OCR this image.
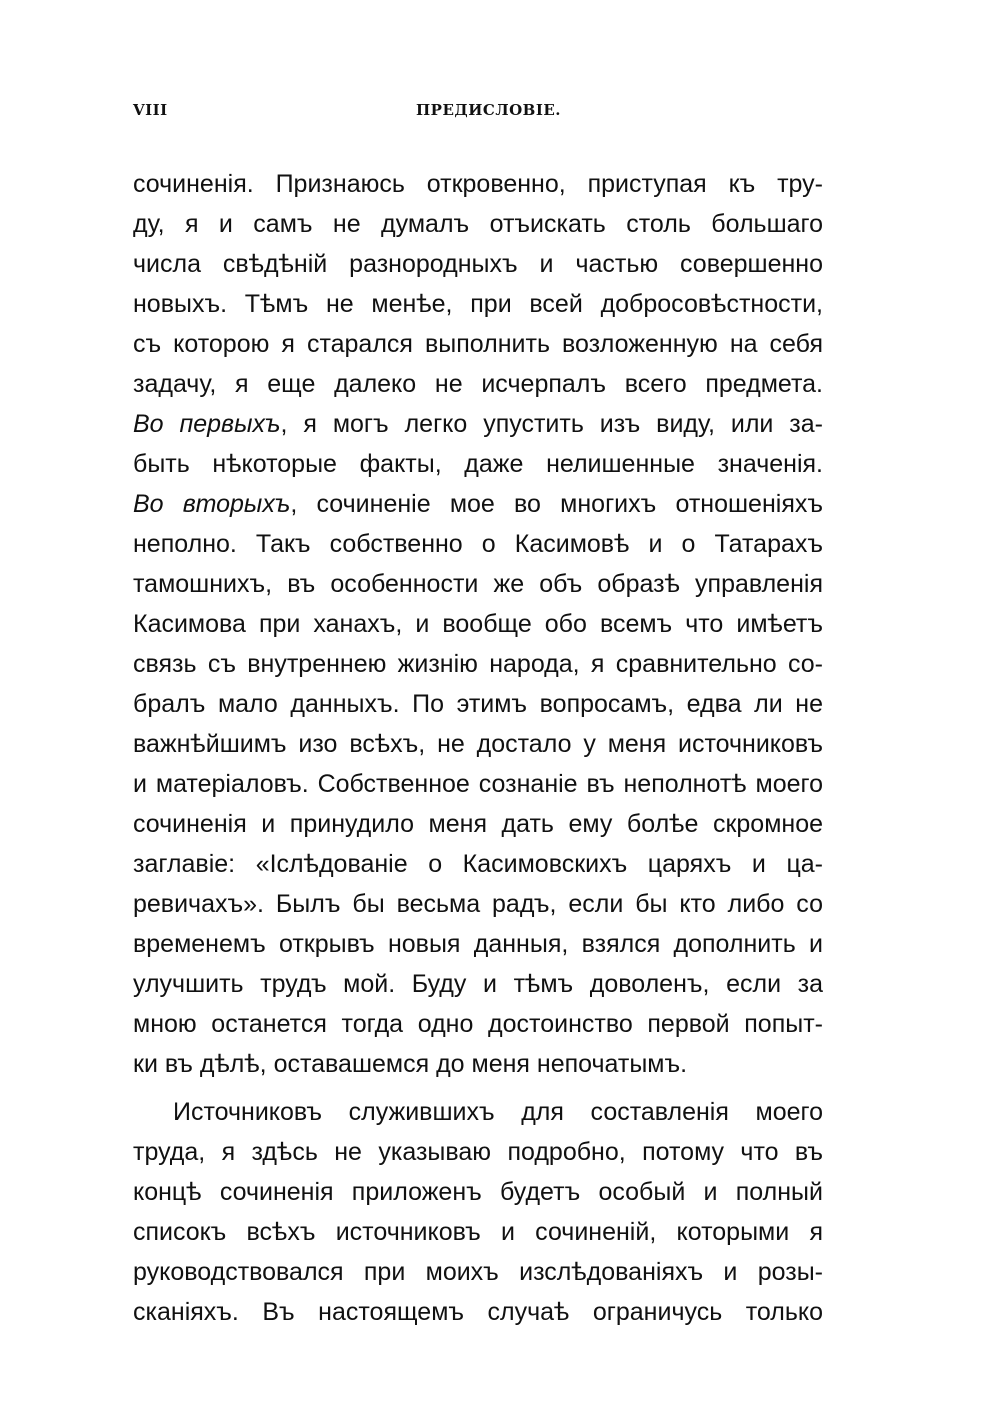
VIII	ПРЕДИСЛОВІЕ.
сочиненія. Признаюсь откровенно, приступая къ тру-
ду, я и самъ не думалъ отъискать столь большаго
числа свѣдѣній разнородныхъ и частью совершенно
новыхъ. Тѣмъ не менѣе, при всей добросовѣстности,
съ которою я старался выполнить возложенную на себя
задачу, я еще далеко не исчерпалъ всего предмета.
Во первыхъ, я могъ легко упустить изъ виду, или за-
быть нѣкоторые факты, даже нелишенные значенія.
Во вторыхъ, сочиненіе мое во многихъ отношеніяхъ
неполно. Такъ собственно о Касимовѣ и о Татарахъ
тамошнихъ, въ особенности же объ образѣ управленія
Касимова при ханахъ, и вообще обо всемъ что имѣетъ
связь съ внутреннею жизнію народа, я сравнительно со-
бралъ мало данныхъ. По этимъ вопросамъ, едва ли не
важнѣйшимъ изо всѣхъ, не достало у меня источниковъ
и матеріаловъ. Собственное сознаніе въ неполнотѣ моего
сочиненія и принудило меня дать ему болѣе скромное
заглавіе: «Іслѣдованіе о Касимовскихъ царяхъ и ца-
ревичахъ». Былъ бы весьма радъ, если бы кто либо со
временемъ открывъ новыя данныя, взялся дополнить и
улучшить трудъ мой. Буду и тѣмъ доволенъ, если за
мною останется тогда одно достоинство первой попыт-
ки въ дѣлѣ, оставашемся до меня непочатымъ.
Источниковъ служившихъ для составленія моего
труда, я здѣсь не указываю подробно, потому что въ
концѣ сочиненія приложенъ будетъ особый и полный
списокъ всѣхъ источниковъ и сочиненій, которыми я
руководствовался при моихъ изслѣдованіяхъ и розы-
сканіяхъ. Въ настоящемъ случаѣ ограничусь только
